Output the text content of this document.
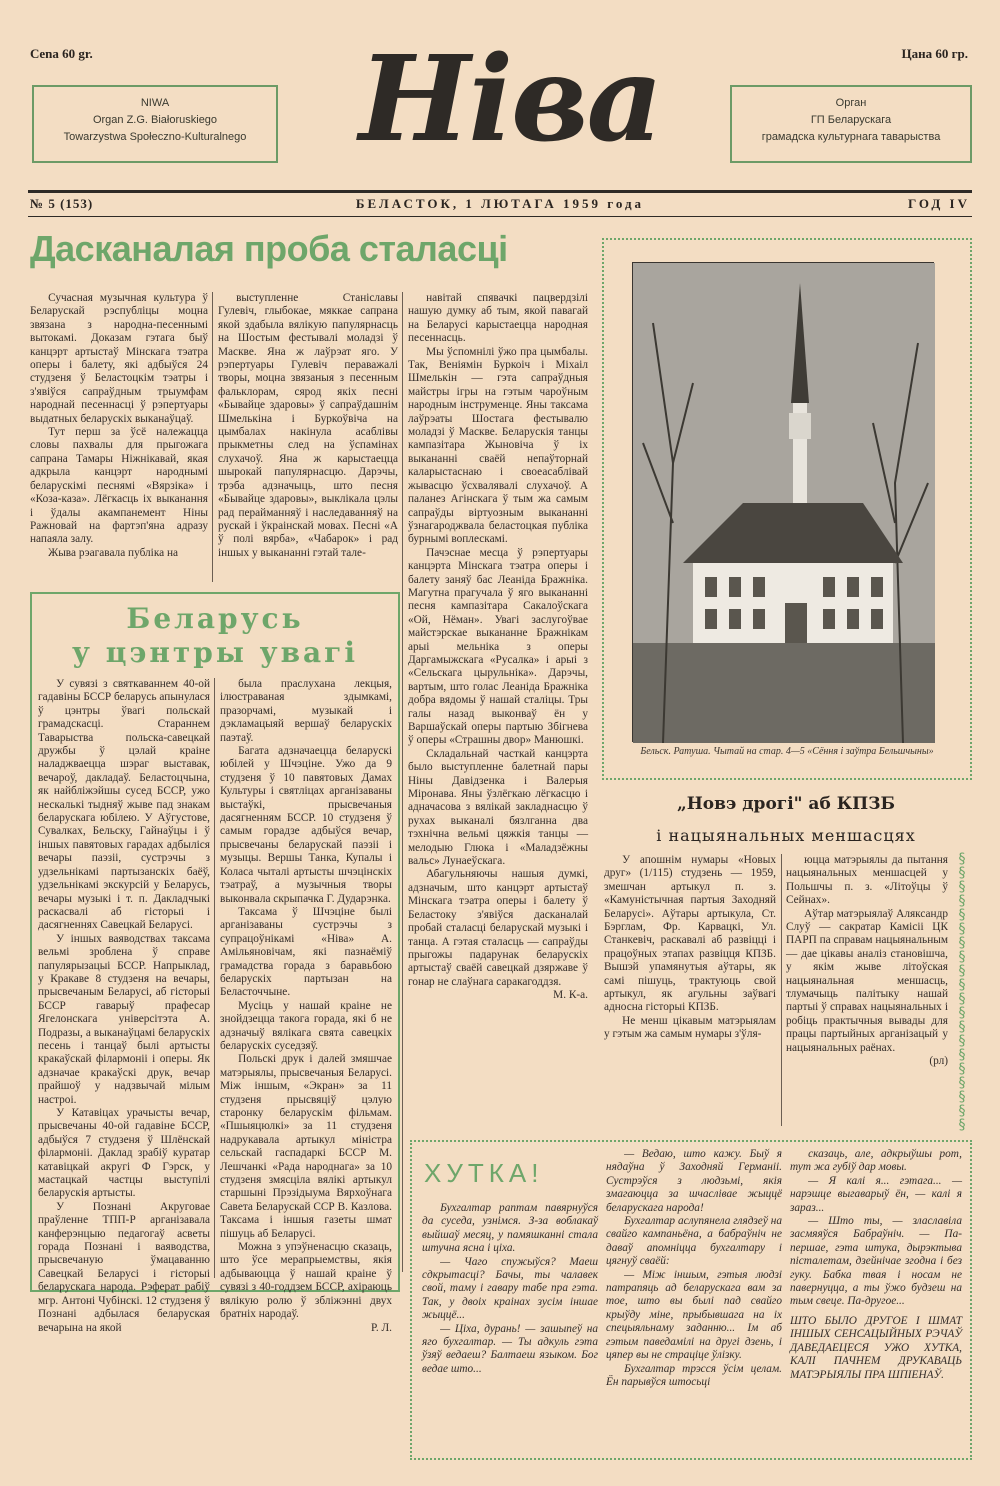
Cena 60 gr.	Цана 60 гр.
NIWA
Organ Z.G. Białoruskiego
Towarzystwa Społeczno-Kulturalnego Ніва	Орган
ГП Беларускага
грамадска культурнага таварыства
№ 5 (153)	БЕЛАСТОК, 1 ЛЮТАГА 1959 года	ГОД IV
Дасканалая проба сталасці

Сучасная музычная культура ў Беларускай рэспубліцы моцна звязана з народна-песеннымі вытокамі. Доказам гэтага быў канцэрт артыстаў Мінскага тэатра оперы і балету, які адбыўся 24 студзеня ў Беластоцкім тэатры і з'явіўся сапраўдным трыумфам народнай песеннасці ў рэпертуары выдатных беларускіх выканаўцаў.

Тут перш за ўсё належацца словы пахвалы для прыгожага сапрана Тамары Ніжнікавай, якая адкрыла канцэрт народнымі беларускімі песнямі «Вярзіка» і «Коза-каза». Лёгкасць іх выканання і ўдалы акампанемент Ніны Ражновай на фартэп'яна адразу напаяла залу.

Жыва рэагавала публіка на

выступленне Станіславы Гулевіч, глыбокае, мяккае сапрана якой здабыла вялікую папулярнасць на Шостым фестывалі моладзі ў Маскве. Яна ж лаўрэат яго. У рэпертуары Гулевіч пераважалі творы, моцна звязаныя з песенным фальклорам, сярод якіх песні «Бывайце здаровы» ў сапраўдашнім Шмелькіна і Буркоўвіча на цымбалах накінула асаблівы прыкметны след на ўспамінах слухачоў. Яна ж карыстаецца шырокай папулярнасцю. Дарэчы, трэба адзначыць, што песня «Бывайце здаровы», выклікала цэлы рад перайманняў і наследаванняў на рускай і ўкраінскай мовах. Песні «А ў полі вярба», «Чабарок» і рад іншых у выкананні гэтай тале-

навітай спявачкі пацвердзілі нашую думку аб тым, якой павагай на Беларусі карыстаецца народная песеннасць.

Мы ўспомнілі ўжо пра цымбалы. Так, Веніямін Буркоіч і Міхаіл Шмелькін — гэта сапраўдныя майстры ігры на гэтым чароўным народным інструменце. Яны таксама лаўрэаты Шостага фестывалю моладзі ў Маскве. Беларускія танцы кампазітара Жыновіча ў іх выкананні сваёй непаўторнай каларыстаснаю і своеасаблівай жывасцю ўсхвалявалі слухачоў. А паланез Агінскага ў тым жа самым сапраўды віртуозным выкананні ўзнагароджвала беластоцкая публіка бурнымі воплескамі.

Пачэснае месца ў рэпертуары канцэрта Мінскага тэатра оперы і балету заняў бас Леаніда Бражніка. Магутна прагучала ў яго выкананні песня кампазітара Сакалоўскага «Ой, Нёман». Увагі заслугоўвае майстэрскае выкананне Бражнікам арыі мельніка з оперы Даргамыжскага «Русалка» і арыі з «Сельскага цырульніка». Дарэчы, вартым, што голас Леаніда Бражніка добра вядомы ў нашай сталіцы. Тры галы назад выконваў ён у Варшаўскай оперы партыю Збігнева ў оперы «Страшны двор» Манюшкі.

Складальнай часткай канцэрта было выступленне балетнай пары Ніны Давідзенка і Валерыя Міронава. Яны ўзлёгкаю лёгкасцю і адначасова з вялікай закладнасцю ў рухах выканалі бязлганна два тэхнічна вельмі цяжкія танцы — мелодыю Глюка і «Маладзёжны вальс» Лунаеўскага.

Абагульняючы нашыя думкі, адзначым, што канцэрт артыстаў Мінскага тэатра оперы і балету ў Беластоку з'явіўся дасканалай пробай сталасці беларускай музыкі і танца. А гэтая сталасць — сапраўды прыгожы падарунак беларускіх артыстаў сваёй савецкай дзяржаве ў гонар не слаўнага саракагоддзя.

М. К-а.

Бельск. Ратуша. Чытай на стар. 4—5 «Сёння і заўтра Бельшчыны»
Беларусь
у цэнтры увагі

У сувязі з святкаваннем 40-ой гадавіны БССР беларусь апынулася ў цэнтры ўвагі польскай грамадскасці. Стараннем Таварыства польска-савецкай дружбы ў цэлай краіне наладжваецца шэраг выставак, вечароў, дакладаў. Беластоцчына, як найбліжэйшы сусед БССР, ужо нескалькі тыдняў жыве пад знакам беларускага юбілею. У Аўгустове, Сувалках, Бельску, Гайнаўцы і ў іншых павятовых гарадах адбыліся вечары паэзіі, сустрэчы з удзельнікамі партызанскіх баёў, удзельнікамі экскурсій у Беларусь, вечары музыкі і т. п. Дакладчыкі раскасвалі аб гісторыі і дасягненнях Савецкай Беларусі.

У іншых ваяводствах таксама вельмі зроблена ў справе папулярызацыі БССР. Напрыклад, у Кракаве 8 студзеня на вечары, прысвечаным Беларусі, аб гісторыі БССР гаварыў прафесар Ягелонскага універсітэта А. Подразы, а выканаўцамі беларускіх песень і танцаў былі артысты кракаўскай філармоніі і оперы. Як адзначае кракаўскі друк, вечар прайшоў у надзвычай мілым настроі.

У Катавіцах урачысты вечар, прысвечаны 40-ой гадавіне БССР, адбыўся 7 студзеня ў Шлёнскай філармоніі. Даклад зрабіў куратар катавіцкай акругі Ф Гэрск, у мастацкай частцы выступілі беларускія артысты.

У Познані Акруговае праўленне ТПП-Р арганізавала канферэнцыю педагогаў асветы горада Познані і ваяводства, прысвечаную ўмацаванню Савецкай Беларусі і гісторыі беларускага народа. Рэферат рабіў мгр. Антоні Чубінскі. 12 студзеня ў Познані адбылася беларуская вечарына на якой

была праслухана лекцыя, ілюстраваная здымкамі, празорчамі, музыкай і дэкламацыяй вершаў беларускіх паэтаў.

Багата адзначаецца беларускі юбілей у Шчэціне. Ужо да 9 студзеня ў 10 павятовых Дамах Культуры і святліцах арганізаваны выстаўкі, прысвечаныя дасягненням БССР. 10 студзеня ў самым горадзе адбыўся вечар, прысвечаны беларускай паэзіі і музыцы. Вершы Танка, Купалы і Коласа чыталі артысты шчэцінскіх тэатраў, а музычныя творы выконвала скрыпачка Г. Дударэнка.

Таксама ў Шчэціне былі арганізаваны сустрэчы з супрацоўнікамі «Ніва» А. Амільяновічам, які пазнаёміў грамадства горада з баравьбою беларускіх партызан на Беласточчыне.

Мусіць у нашай краіне не знойдзецца такога горада, які б не адзначыў вялікага свята савецкіх беларускіх суседзяў.

Польскі друк і далей змяшчае матэрыялы, прысвечаныя Беларусі. Між іншым, «Экран» за 11 студзеня прысвяціў цэлую старонку беларускім фільмам. «Пшыяцюлкі» за 11 студзеня надрукавала артыкул міністра сельскай гаспадаркі БССР М. Лешчанкі «Рада народнага» за 10 студзеня змясціла вялікі артыкул старшыні Прэзідыума Вярхоўнага Савета Беларускай ССР В. Казлова. Таксама і іншыя газеты шмат пішуць аб Беларусі.

Можна з упэўненасцю сказаць, што ўсе мерапрыемствы, якія адбываюцца ў нашай краіне ў сувязі з 40-годдзем БССР, ахіраюць вялікую ролю ў збліжэнні двух братніх народаў.

Р. Л.

„Новэ дрогі" аб КПЗБ
і нацыянальных меншасцях

У апошнім нумары «Новых друг» (1/115) студзень — 1959, змешчан артыкул п. з. «Камуністычная партыя Заходняй Беларусі». Аўтары артыкула, Ст. Бэрглам, Фр. Карвацкі, Ул. Станкевіч, раскавалі аб развіцці і працоўных этапах развіцця КПЗБ. Вышэй упамянутыя аўтары, як самі пішуць, трактуюць свой артыкул, як агульны заўвагі адносна гісторыі КПЗБ.

Не менш цікавым матэрыялам у гэтым жа самым нумары з'ўля-

юцца матэрыялы да пытання нацыянальных меншасцей у Польшчы п. з. «Літоўцы ў Сейнах».

Аўтар матэрыялаў Аляксандр Слуў — сакратар Камісіі ЦК ПАРП па справам нацыянальным — дае цікавы аналіз становішча, у якім жыве літоўская нацыянальная меншасць, тлумачыць палітыку нашай партыі ў справах нацыянальных і робіць практычныя вывады для працы партыйных арганізацый у нацыянальных раёнах.

(рл)

§
§
§
§
§
§
§
§
§
§
§
§
§
§
§
§
§
§
§
§
ХУТКА!

Бухгалтар раптам павярнуўся да суседа, узнімся. З-за воблакаў выйшаў месяц, у памяшканні стала штучна ясна і ціха.

— Чаго спужыўся? Маеш сдкрытасці? Бачы, ты чалавек свой, таму і гавару табе пра гэта. Так, у двоіх краінах зусім іншае жыццё...

— Ціха, дурань! — зашыпеў на яго бухгалтар. — Ты адкуль гэта ўзяў ведаеш? Балтаеш языком. Бог ведае што...

— Ведаю, што кажу. Быў я нядаўна ў Заходняй Германіі. Сустрэўся з людзьмі, якія змагаюцца за шчаслівае жыццё беларускага народа!

Бухгалтар аслупянела глядзеў на свайго кампаньёна, а бабраўніч не даваў апомніцца бухгалтару і цягнуў сваёй:

— Між іншым, гэтыя людзі патрапяць ад беларускага вам за тое, што вы былі пад свайго крыўду міне, прыбывшага на іх спецыяльнаму заданню... Ім аб гэтым паведамілі на другі дзень, і цяпер вы не страціце ўлізку.

Бухгалтар трэсся ўсім целам. Ён парывўся штосьці

сказаць, але, адкрыўшы рот, тут жа губіў дар мовы.

— Я калі я... гэтага... — нарэшце выгаварыў ён, — калі я зараз...

— Што ты, — злаславіла засмяяўся Бабраўніч. — Па-першае, гэта штука, дырэктыва пісталетам, дзейнічае згодна і без гуку. Бабка твая і носам не павернуцца, а ты ўжо будзеш на тым свеце. Па-другое...

ШТО БЫЛО ДРУГОЕ І ШМАТ ІНШЫХ СЕНСАЦЫЙНЫХ РЭЧАЎ ДАВЕДАЕЦЕСЯ УЖО ХУТКА, КАЛІ ПАЧНЕМ ДРУКАВАЦЬ МАТЭРЫЯЛЫ ПРА ШПІЕНАЎ.
